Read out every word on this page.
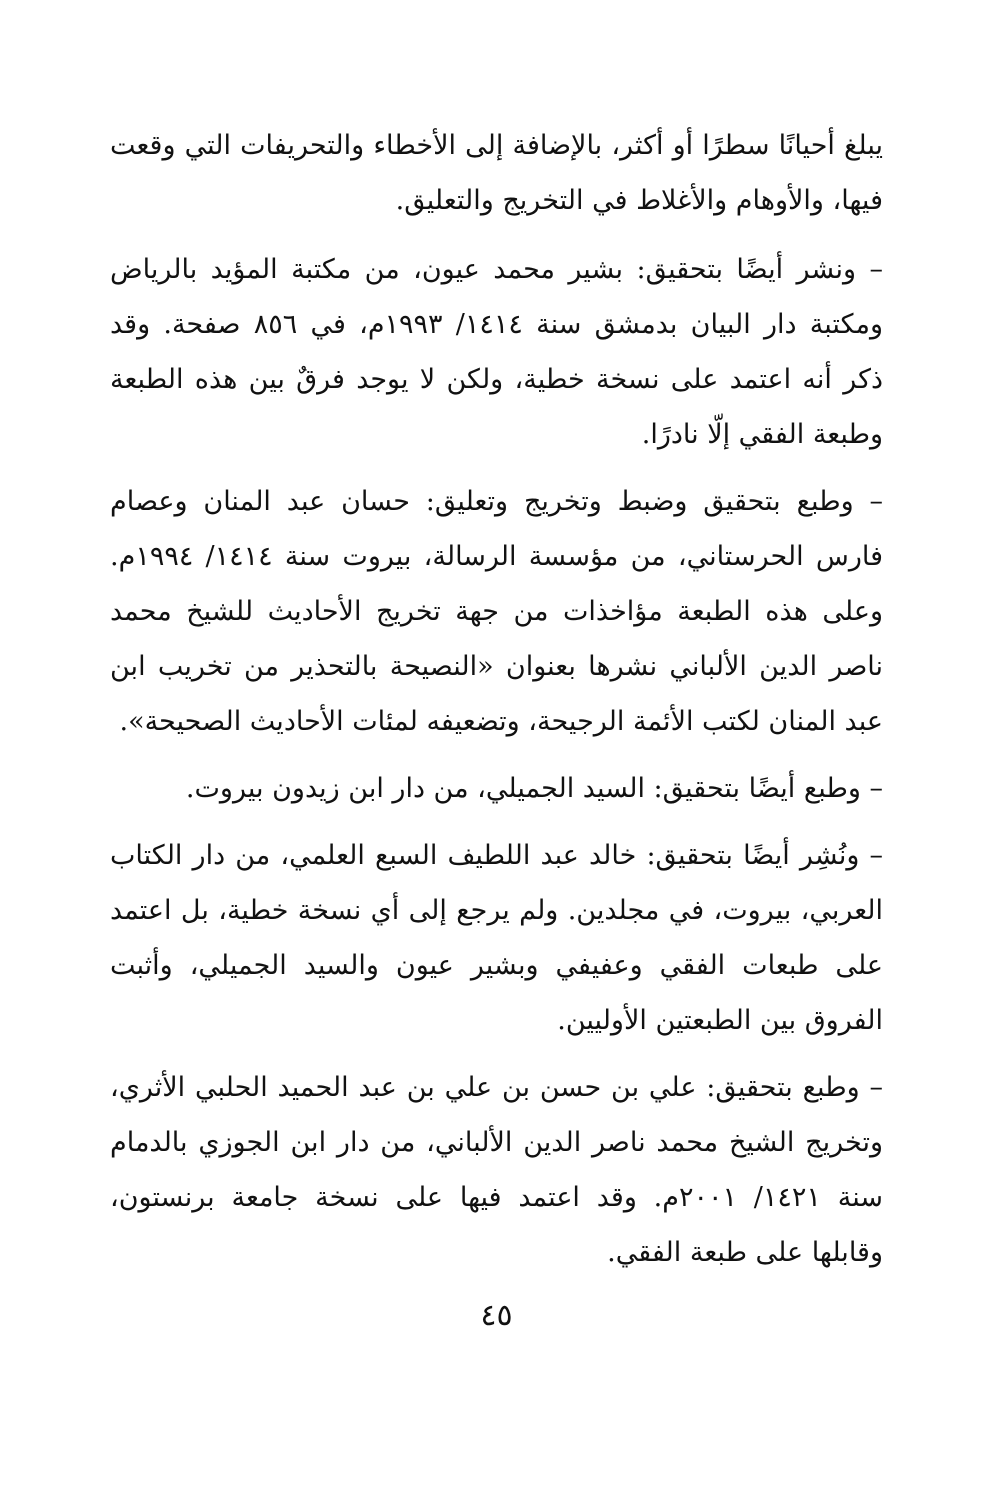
يبلغ أحيانًا سطرًا أو أكثر، بالإضافة إلى الأخطاء والتحريفات التي وقعت فيها، والأوهام والأغلاط في التخريج والتعليق.

– ونشر أيضًا بتحقيق: بشير محمد عيون، من مكتبة المؤيد بالرياض ومكتبة دار البيان بدمشق سنة ١٤١٤/ ١٩٩٣م، في ٨٥٦ صفحة. وقد ذكر أنه اعتمد على نسخة خطية، ولكن لا يوجد فرقٌ بين هذه الطبعة وطبعة الفقي إلّا نادرًا.

– وطبع بتحقيق وضبط وتخريج وتعليق: حسان عبد المنان وعصام فارس الحرستاني، من مؤسسة الرسالة، بيروت سنة ١٤١٤/ ١٩٩٤م. وعلى هذه الطبعة مؤاخذات من جهة تخريج الأحاديث للشيخ محمد ناصر الدين الألباني نشرها بعنوان «النصيحة بالتحذير من تخريب ابن عبد المنان لكتب الأئمة الرجيحة، وتضعيفه لمئات الأحاديث الصحيحة».

– وطبع أيضًا بتحقيق: السيد الجميلي، من دار ابن زيدون بيروت.

– ونُشِر أيضًا بتحقيق: خالد عبد اللطيف السبع العلمي، من دار الكتاب العربي، بيروت، في مجلدين. ولم يرجع إلى أي نسخة خطية، بل اعتمد على طبعات الفقي وعفيفي وبشير عيون والسيد الجميلي، وأثبت الفروق بين الطبعتين الأوليين.

– وطبع بتحقيق: علي بن حسن بن علي بن عبد الحميد الحلبي الأثري، وتخريج الشيخ محمد ناصر الدين الألباني، من دار ابن الجوزي بالدمام سنة ١٤٢١/ ٢٠٠١م. وقد اعتمد فيها على نسخة جامعة برنستون، وقابلها على طبعة الفقي.

٤٥
